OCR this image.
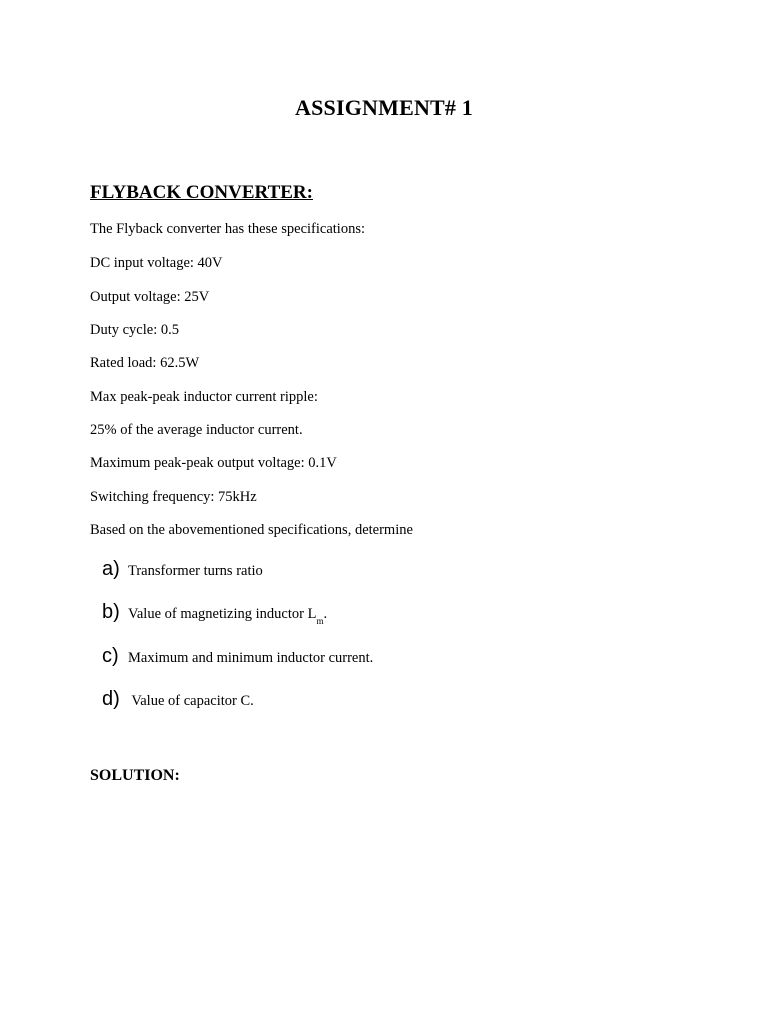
ASSIGNMENT# 1
FLYBACK CONVERTER:
The Flyback converter has these specifications:
DC input voltage: 40V
Output voltage: 25V
Duty cycle: 0.5
Rated load: 62.5W
Max peak-peak inductor current ripple:
25% of the average inductor current.
Maximum peak-peak output voltage: 0.1V
Switching frequency: 75kHz
Based on the abovementioned specifications, determine
a) Transformer turns ratio
b) Value of magnetizing inductor $L_m$.
c) Maximum and minimum inductor current.
d) Value of capacitor C.
SOLUTION:
